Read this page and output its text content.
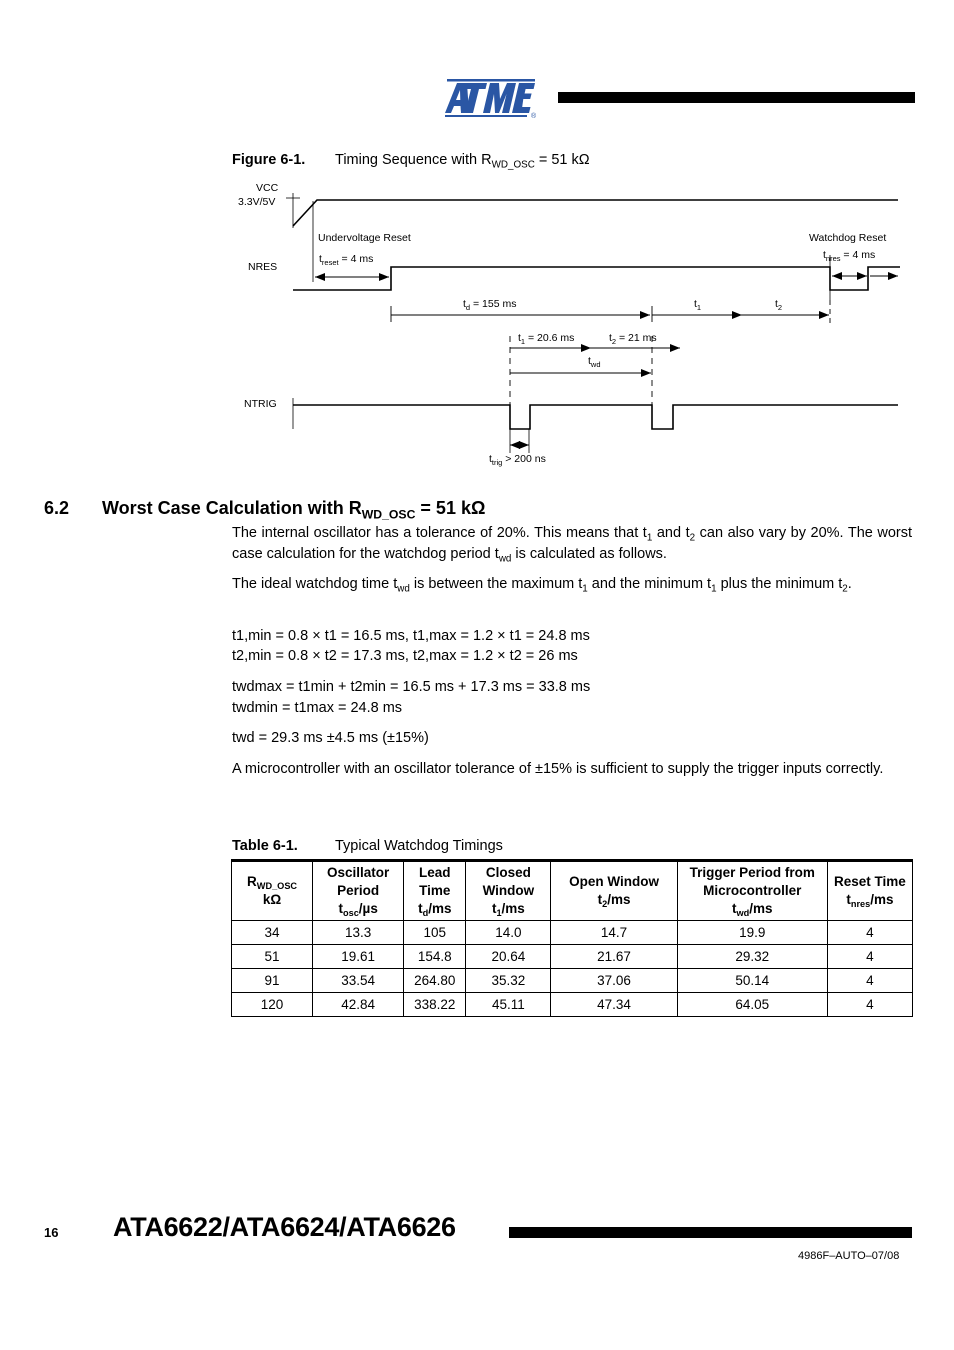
®
Figure 6-1. Timing Sequence with $R_{WD\_OSC} = 51$ kΩ
VCC
3.3V/5V
NRES
NTRIG
Undervoltage Reset	Watchdog Reset
$t_{reset} = 4$ ms	$t_{nres} = 4$ ms
$t_d = 155$ ms	$t_1$	$t_2$
$t_1 = 20.6$ ms	$t_2 = 21$ ms
$t_{wd}$
$t_{trig} > 200$ ns
6.2 Worst Case Calculation with $R_{WD\_OSC} = 51$ kΩ
The internal oscillator has a tolerance of 20%. This means that $t_1$ and $t_2$ can also vary by 20%. The worst case calculation for the watchdog period $t_{wd}$ is calculated as follows.
The ideal watchdog time $t_{wd}$ is between the maximum $t_1$ and the minimum $t_1$ plus the minimum $t_2$.
t1,min = 0.8 × t1 = 16.5 ms, t1,max = 1.2 × t1 = 24.8 ms
t2,min = 0.8 × t2 = 17.3 ms, t2,max = 1.2 × t2 = 26 ms
twdmax = t1min + t2min = 16.5 ms + 17.3 ms = 33.8 ms
twdmin = t1max = 24.8 ms
twd = 29.3 ms ±4.5 ms (±15%)
A microcontroller with an oscillator tolerance of ±15% is sufficient to supply the trigger inputs correctly.
Table 6-1.	Typical Watchdog Timings
$R_{WD\_OSC}$
kΩ	Oscillator
Period
$t_{osc}/\mu s$	Lead
Time
$t_d/ms$	Closed
Window
$t_1/ms$	Open Window
$t_2/ms$	Trigger Period from
Microcontroller
$t_{wd}/ms$	Reset Time
$t_{nres}/ms$
34	13.3	105	14.0	14.7	19.9	4
51	19.61	154.8	20.64	21.67	29.32	4
91	33.54	264.80	35.32	37.06	50.14	4
120	42.84	338.22	45.11	47.34	64.05	4
16 ATA6622/ATA6624/ATA6626
4986F–AUTO–07/08
